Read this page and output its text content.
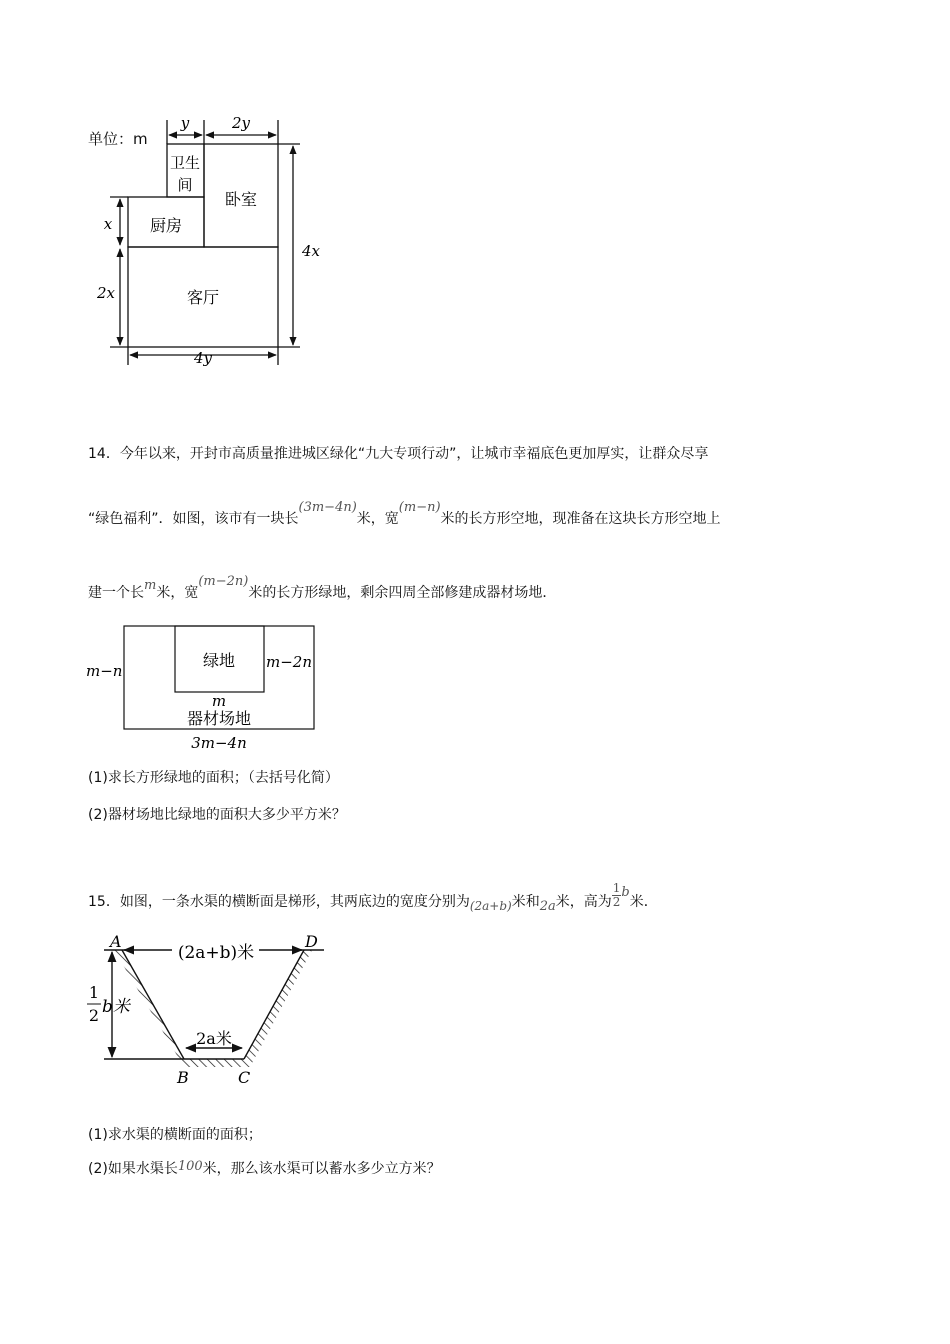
单位：m
y	2y
卫生
间
卧室
厨房
客厅
x
2x
4x
4y
14．今年以来，开封市高质量推进城区绿化“九大专项行动”，让城市幸福底色更加厚实，让群众尽享
“绿色福利”．如图，该市有一块长(3m−4n)米，宽(m−n)米的长方形空地，现准备在这块长方形空地上
建一个长m米，宽(m−2n)米的长方形绿地，剩余四周全部修建成器材场地．
绿地
m−n	m−2n
m
器材场地
3m−4n
(1)求长方形绿地的面积；（去括号化简）
(2)器材场地比绿地的面积大多少平方米？
15．如图，一条水渠的横断面是梯形，其两底边的宽度分别为(2a+b)米和2a米，高为 $\frac{1}{2}$ b米．
A	D
B	C
(2a+b)米
2a米
1
2 b米
(1)求水渠的横断面的面积；
(2)如果水渠长100米，那么该水渠可以蓄水多少立方米？
